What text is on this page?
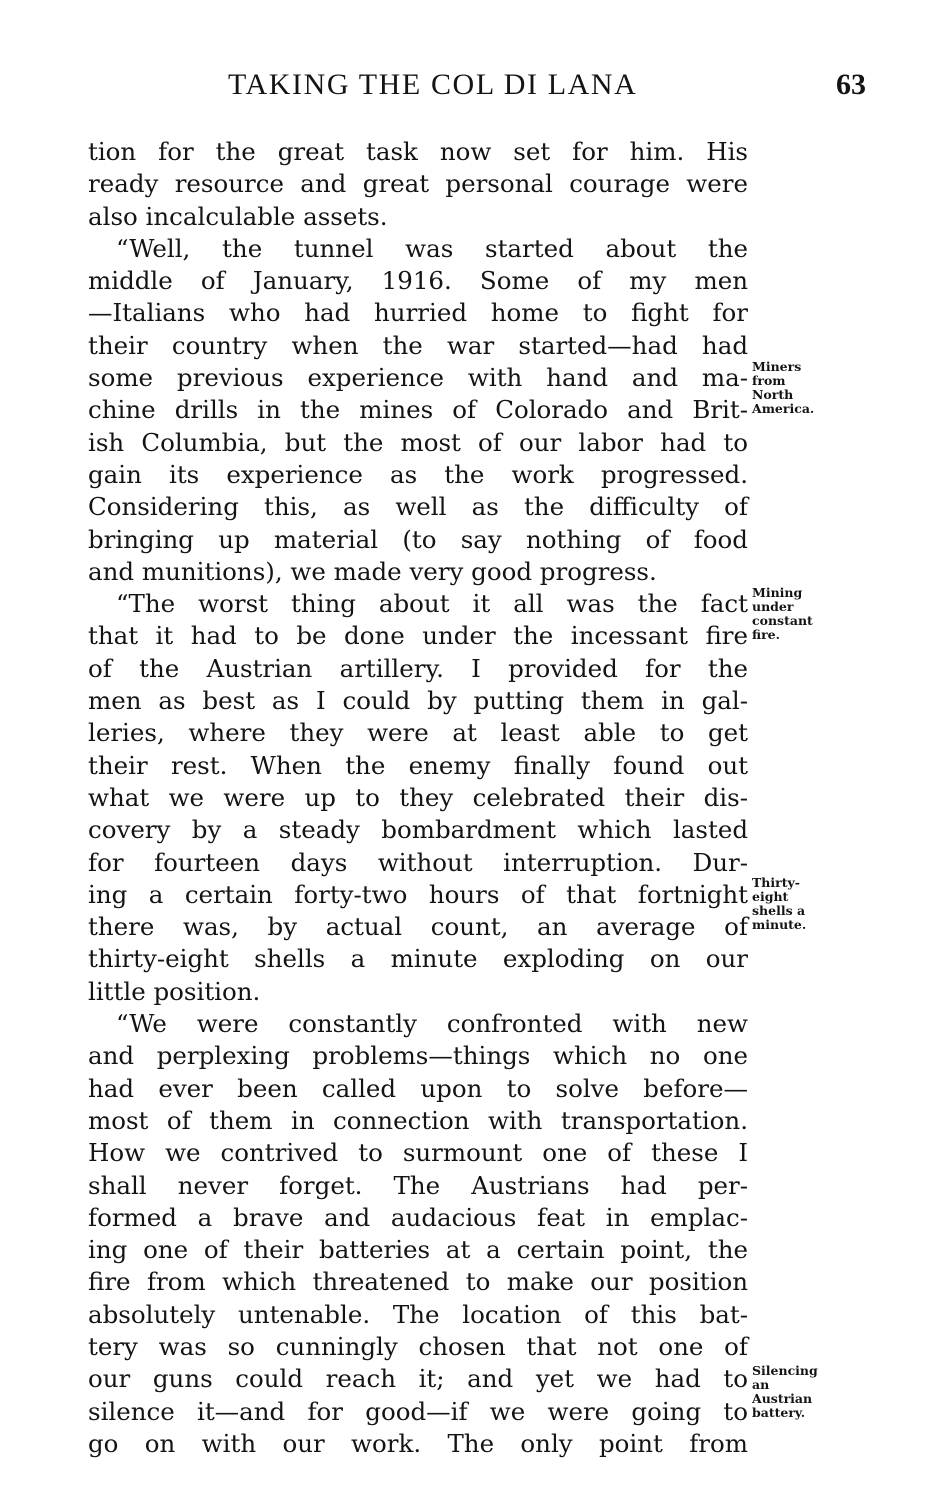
TAKING THE COL DI LANA	63
tion for the great task now set for him. His
ready resource and great personal courage were
also incalculable assets.
“Well, the tunnel was started about the
middle of January, 1916. Some of my men
—Italians who had hurried home to fight for
their country when the war started—had had
some previous experience with hand and ma-
chine drills in the mines of Colorado and Brit-
ish Columbia, but the most of our labor had to
gain its experience as the work progressed.
Considering this, as well as the difficulty of
bringing up material (to say nothing of food
and munitions), we made very good progress.
“The worst thing about it all was the fact
that it had to be done under the incessant fire
of the Austrian artillery. I provided for the
men as best as I could by putting them in gal-
leries, where they were at least able to get
their rest. When the enemy finally found out
what we were up to they celebrated their dis-
covery by a steady bombardment which lasted
for fourteen days without interruption. Dur-
ing a certain forty-two hours of that fortnight
there was, by actual count, an average of
thirty-eight shells a minute exploding on our
little position.
“We were constantly confronted with new
and perplexing problems—things which no one
had ever been called upon to solve before—
most of them in connection with transportation.
How we contrived to surmount one of these I
shall never forget. The Austrians had per-
formed a brave and audacious feat in emplac-
ing one of their batteries at a certain point, the
fire from which threatened to make our position
absolutely untenable. The location of this bat-
tery was so cunningly chosen that not one of
our guns could reach it; and yet we had to
silence it—and for good—if we were going to
go on with our work. The only point from
Miners
from
North
America.
Mining
under
constant
fire.
Thirty-
eight
shells a
minute.
Silencing
an
Austrian
battery.
